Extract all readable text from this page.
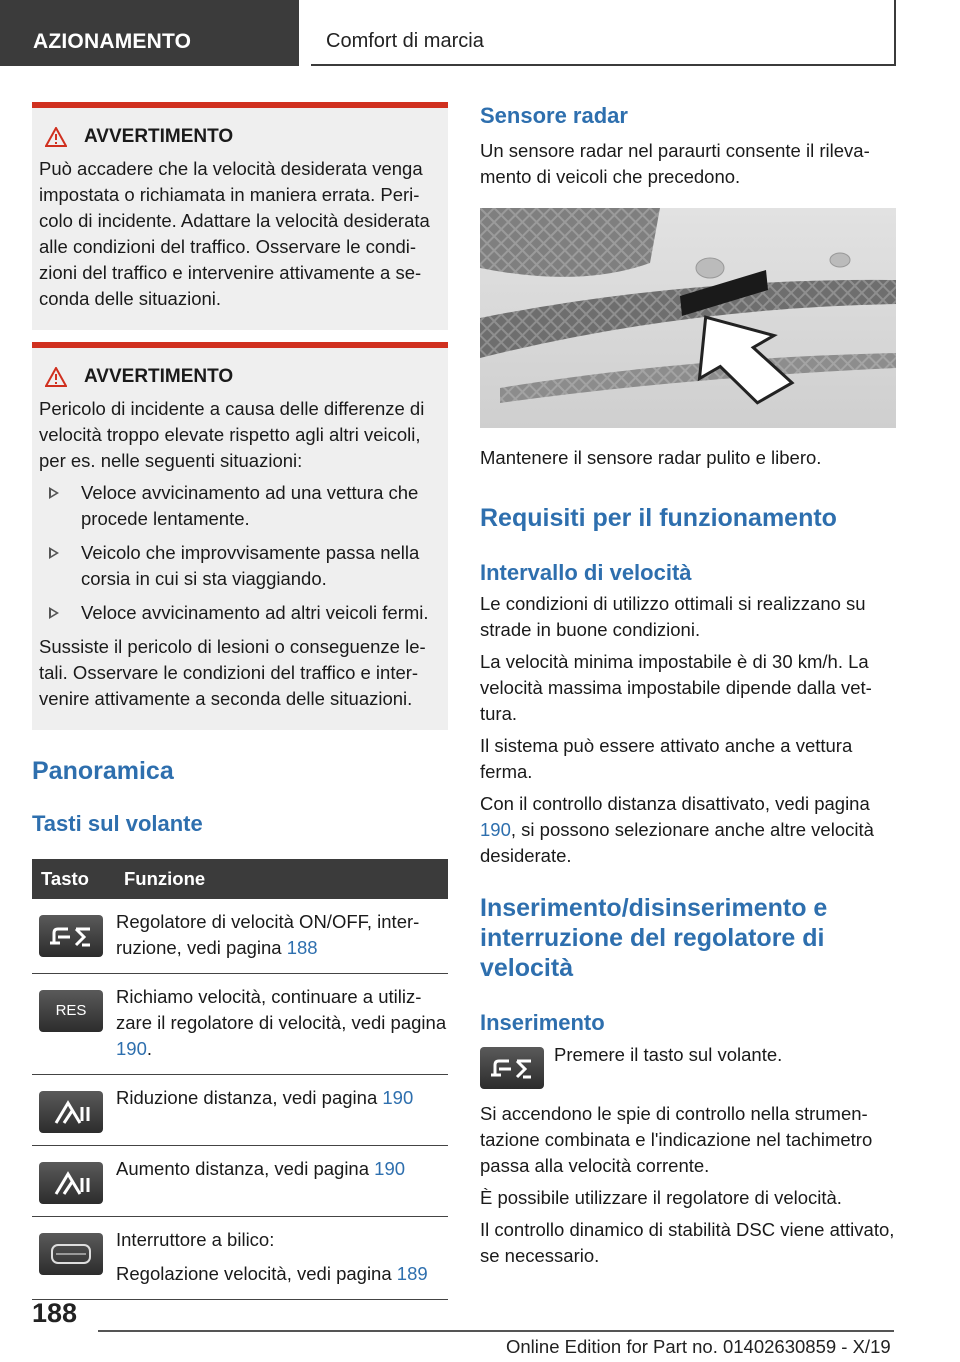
AZIONAMENTO	Comfort di marcia
AVVERTIMENTO

Può accadere che la velocità desiderata venga impostata o richiamata in maniera errata. Pericolo di incidente. Adattare la velocità desiderata alle condizioni del traffico. Osservare le condizioni del traffico e intervenire attivamente a seconda delle situazioni.

AVVERTIMENTO

Pericolo di incidente a causa delle differenze di velocità troppo elevate rispetto agli altri veicoli, per es. nelle seguenti situazioni:

Veloce avvicinamento ad una vettura che procede lentamente.
Veicolo che improvvisamente passa nella corsia in cui si sta viaggiando.
Veloce avvicinamento ad altri veicoli fermi.

Sussiste il pericolo di lesioni o conseguenze letali. Osservare le condizioni del traffico e intervenire attivamente a seconda delle situazioni.

Panoramica
Tasti sul volante
Tasto	Funzione

	Regolatore di velocità ON/OFF, interruzione, vedi pagina 188

RES	Richiamo velocità, continuare a utilizzare il regolatore di velocità, vedi pagina 190.

	Riduzione distanza, vedi pagina 190

	Aumento distanza, vedi pagina 190

Interruttore a bilico:
Regolazione velocità, vedi pagina 189
Sensore radar

Un sensore radar nel paraurti consente il rilevamento di veicoli che precedono.

Mantenere il sensore radar pulito e libero.

Requisiti per il funzionamento
Intervallo di velocità

Le condizioni di utilizzo ottimali si realizzano su strade in buone condizioni.

La velocità minima impostabile è di 30 km/h. La velocità massima impostabile dipende dalla vettura.

Il sistema può essere attivato anche a vettura ferma.

Con il controllo distanza disattivato, vedi pagina 190, si possono selezionare anche altre velocità desiderate.

Inserimento/disinserimento e interruzione del regolatore di velocità
Inserimento

Premere il tasto sul volante.

Si accendono le spie di controllo nella strumentazione combinata e l'indicazione nel tachimetro passa alla velocità corrente.

È possibile utilizzare il regolatore di velocità.

Il controllo dinamico di stabilità DSC viene attivato, se necessario.

188
Online Edition for Part no. 01402630859 - X/19
